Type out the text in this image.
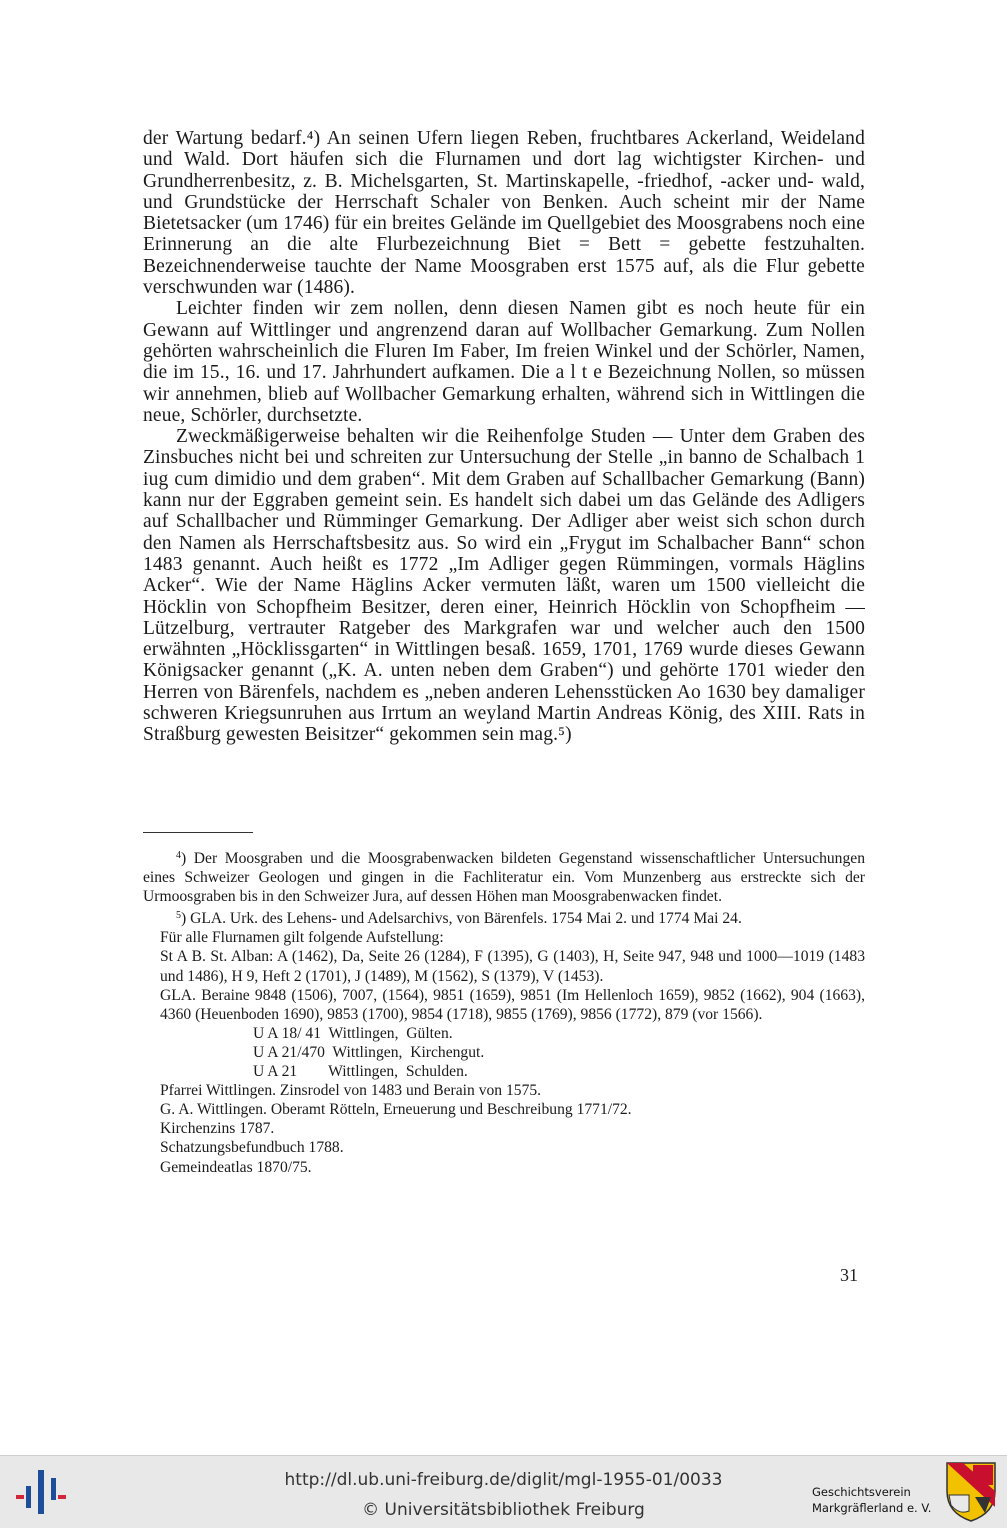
der Wartung bedarf.⁴) An seinen Ufern liegen Reben, fruchtbares Ackerland, Weideland und Wald. Dort häufen sich die Flurnamen und dort lag wichtigster Kirchen- und Grundherrenbesitz, z. B. Michelsgarten, St. Martinskapelle, -friedhof, -acker und- wald, und Grundstücke der Herrschaft Schaler von Benken. Auch scheint mir der Name Bietetsacker (um 1746) für ein breites Gelände im Quellgebiet des Moosgrabens noch eine Erinnerung an die alte Flurbezeichnung Biet = Bett = gebette festzuhalten. Bezeichnenderweise tauchte der Name Moosgraben erst 1575 auf, als die Flur gebette verschwunden war (1486).

Leichter finden wir zem nollen, denn diesen Namen gibt es noch heute für ein Gewann auf Wittlinger und angrenzend daran auf Wollbacher Gemarkung. Zum Nollen gehörten wahrscheinlich die Fluren Im Faber, Im freien Winkel und der Schörler, Namen, die im 15., 16. und 17. Jahrhundert aufkamen. Die a l t e Bezeichnung Nollen, so müssen wir annehmen, blieb auf Wollbacher Gemarkung erhalten, während sich in Wittlingen die neue, Schörler, durchsetzte.

Zweckmäßigerweise behalten wir die Reihenfolge Studen — Unter dem Graben des Zinsbuches nicht bei und schreiten zur Untersuchung der Stelle „in banno de Schalbach 1 iug cum dimidio und dem graben“. Mit dem Graben auf Schallbacher Gemarkung (Bann) kann nur der Eggraben gemeint sein. Es handelt sich dabei um das Gelände des Adligers auf Schallbacher und Rümminger Gemarkung. Der Adliger aber weist sich schon durch den Namen als Herrschaftsbesitz aus. So wird ein „Frygut im Schalbacher Bann“ schon 1483 genannt. Auch heißt es 1772 „Im Adliger gegen Rümmingen, vormals Häglins Acker“. Wie der Name Häglins Acker vermuten läßt, waren um 1500 vielleicht die Höcklin von Schopfheim Besitzer, deren einer, Heinrich Höcklin von Schopfheim — Lützelburg, vertrauter Ratgeber des Markgrafen war und welcher auch den 1500 erwähnten „Höcklissgarten“ in Wittlingen besaß. 1659, 1701, 1769 wurde dieses Gewann Königsacker genannt („K. A. unten neben dem Graben“) und gehörte 1701 wieder den Herren von Bärenfels, nachdem es „neben anderen Lehensstücken Ao 1630 bey damaliger schweren Kriegsunruhen aus Irrtum an weyland Martin Andreas König, des XIII. Rats in Straßburg gewesten Beisitzer“ gekommen sein mag.⁵)

$^4$) Der Moosgraben und die Moosgrabenwacken bildeten Gegenstand wissenschaftlicher Untersuchungen eines Schweizer Geologen und gingen in die Fachliteratur ein. Vom Munzenberg aus erstreckte sich der Urmoosgraben bis in den Schweizer Jura, auf dessen Höhen man Moosgrabenwacken findet.

$^5$) GLA. Urk. des Lehens- und Adelsarchivs, von Bärenfels. 1754 Mai 2. und 1774 Mai 24.

Für alle Flurnamen gilt folgende Aufstellung:

St A B. St. Alban: A (1462), Da, Seite 26 (1284), F (1395), G (1403), H, Seite 947, 948 und 1000—1019 (1483 und 1486), H 9, Heft 2 (1701), J (1489), M (1562), S (1379), V (1453).

GLA. Beraine 9848 (1506), 7007, (1564), 9851 (1659), 9851 (Im Hellenloch 1659), 9852 (1662), 904 (1663), 4360 (Heuenboden 1690), 9853 (1700), 9854 (1718), 9855 (1769), 9856 (1772), 879 (vor 1566).

U A 18/ 41  Wittlingen,  Gülten.

U A 21/470  Wittlingen,  Kirchengut.

U A 21        Wittlingen,  Schulden.

Pfarrei Wittlingen. Zinsrodel von 1483 und Berain von 1575.

G. A. Wittlingen. Oberamt Rötteln, Erneuerung und Beschreibung 1771/72.

Kirchenzins 1787.

Schatzungsbefundbuch 1788.

Gemeindeatlas 1870/75.

31
http://dl.ub.uni-freiburg.de/diglit/mgl-1955-01/0033
© Universitätsbibliothek Freiburg
Geschichtsverein
Markgräflerland e. V.
